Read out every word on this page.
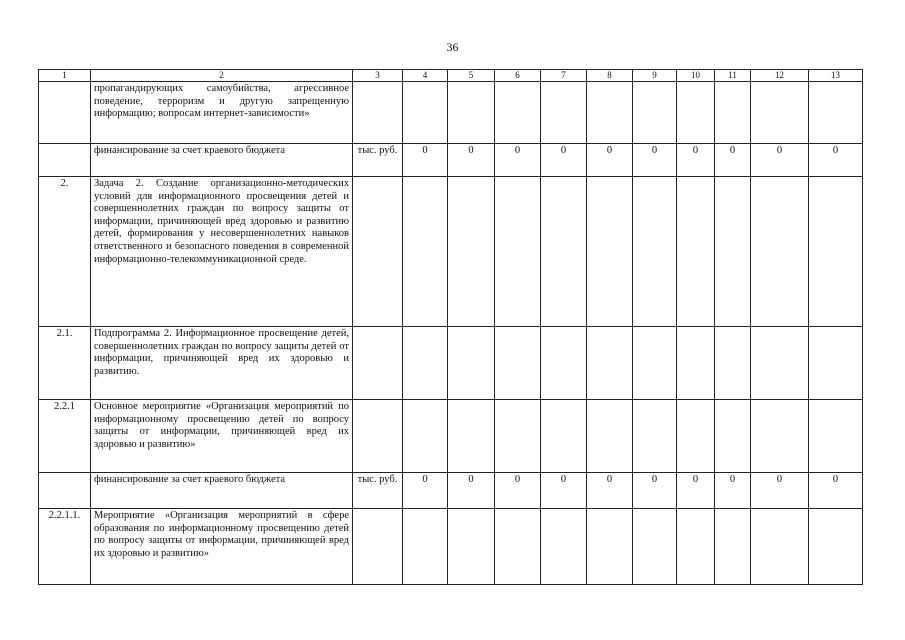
36
1	2	3	4	5	6	7	8	9	10	11	12	13
	пропагандирующих самоубийства, агрессивное поведение, терроризм и другую запрещенную информацию; вопросам интернет-зависимости»											
	финансирование за счет краевого бюджета	тыс. руб.	0	0	0	0	0	0	0	0	0	0
2.	Задача 2. Создание организационно-методических условий для информационного просвещения детей и совершеннолетних граждан по вопросу защиты от информации, причиняющей вред здоровью и развитию детей, формирования у несовершеннолетних навыков ответственного и безопасного поведения в современной информационно-телекоммуникационной среде.											
2.1.	Подпрограмма 2. Информационное просвещение детей, совершеннолетних граждан по вопросу защиты детей от информации, причиняющей вред их здоровью и развитию.											
2.2.1	Основное мероприятие «Организация мероприятий по информационному просвещению детей по вопросу защиты от информации, причиняющей вред их здоровью и развитию»											
	финансирование за счет краевого бюджета	тыс. руб.	0	0	0	0	0	0	0	0	0	0
2.2.1.1.	Мероприятие «Организация мероприятий в сфере образования по информационному просвещению детей по вопросу защиты от информации, причиняющей вред их здоровью и развитию»											
